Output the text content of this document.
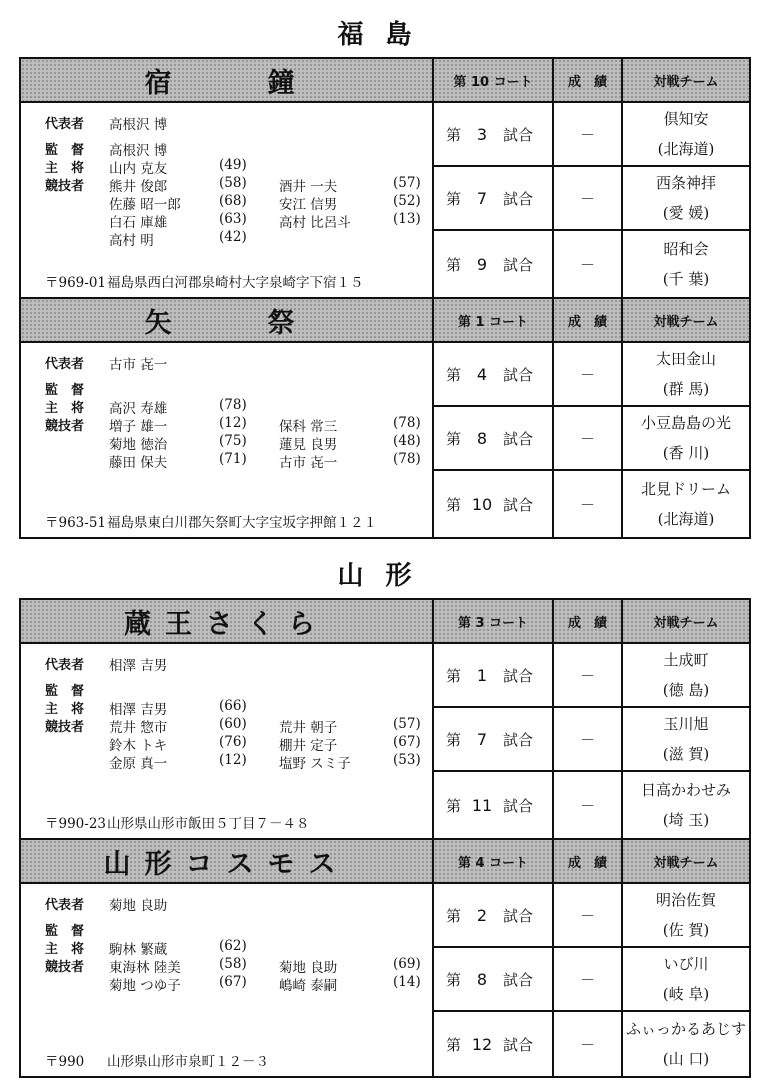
福島
宿　　鐘
代表者 高根沢 博
監　督 高根沢 博
主　将 山内 克友	(49)
競技者 熊井 俊郎	(58) 酒井 一夫	(57)
佐藤 昭一郎	(68) 安江 信男	(52)
白石 庫雄	(63) 高村 比呂斗	(13)
高村 明	(42)
〒969-01 福島県西白河郡泉崎村大字泉崎字下宿１５
第 10 コート	成　績	対戦チーム
第 3	試合	－
倶知安
(北海道)
第 7	試合	－
西条神拝
(愛 媛)
第 9	試合	－
昭和会
(千 葉)
矢　　祭
代表者 古市 㐂一
監　督
主　将 高沢 寿雄	(78)
競技者 増子 雄一	(12) 保科 常三	(78)
菊地 徳治	(75) 蓮見 良男	(48)
藤田 保夫	(71) 古市 㐂一	(78)
〒963-51 福島県東白川郡矢祭町大字宝坂字押館１２１
第 1 コート	成　績	対戦チーム
第 4	試合	－
太田金山
(群 馬)
第 8	試合	－
小豆島島の光
(香 川)
第 10 試合	－
北見ドリーム
(北海道)
山形
蔵王さくら
代表者 相澤 吉男
監　督
主　将 相澤 吉男	(66)
競技者 荒井 惣市	(60) 荒井 朝子	(57)
鈴木 トキ	(76) 棚井 定子	(67)
金原 真一	(12) 塩野 スミ子	(53)
〒990-23 山形県山形市飯田５丁目７－４８
第 3 コート	成　績	対戦チーム
第 1	試合	－
土成町
(徳 島)
第 7	試合	－
玉川旭
(滋 賀)
第 11 試合	－
日高かわせみ
(埼 玉)
山形コスモス
代表者 菊地 良助
監　督
主　将 駒林 繁蔵	(62)
競技者 東海林 陸美	(58) 菊地 良助	(69)
菊地 つゆ子	(67) 嶋崎 泰嗣	(14)
〒990 山形県山形市泉町１２－３
第 4 コート	成　績	対戦チーム
第 2	試合	－
明治佐賀
(佐 賀)
第 8	試合	－
いび川
(岐 阜)
第 12 試合	－
ふぃっかるあじす
(山 口)
